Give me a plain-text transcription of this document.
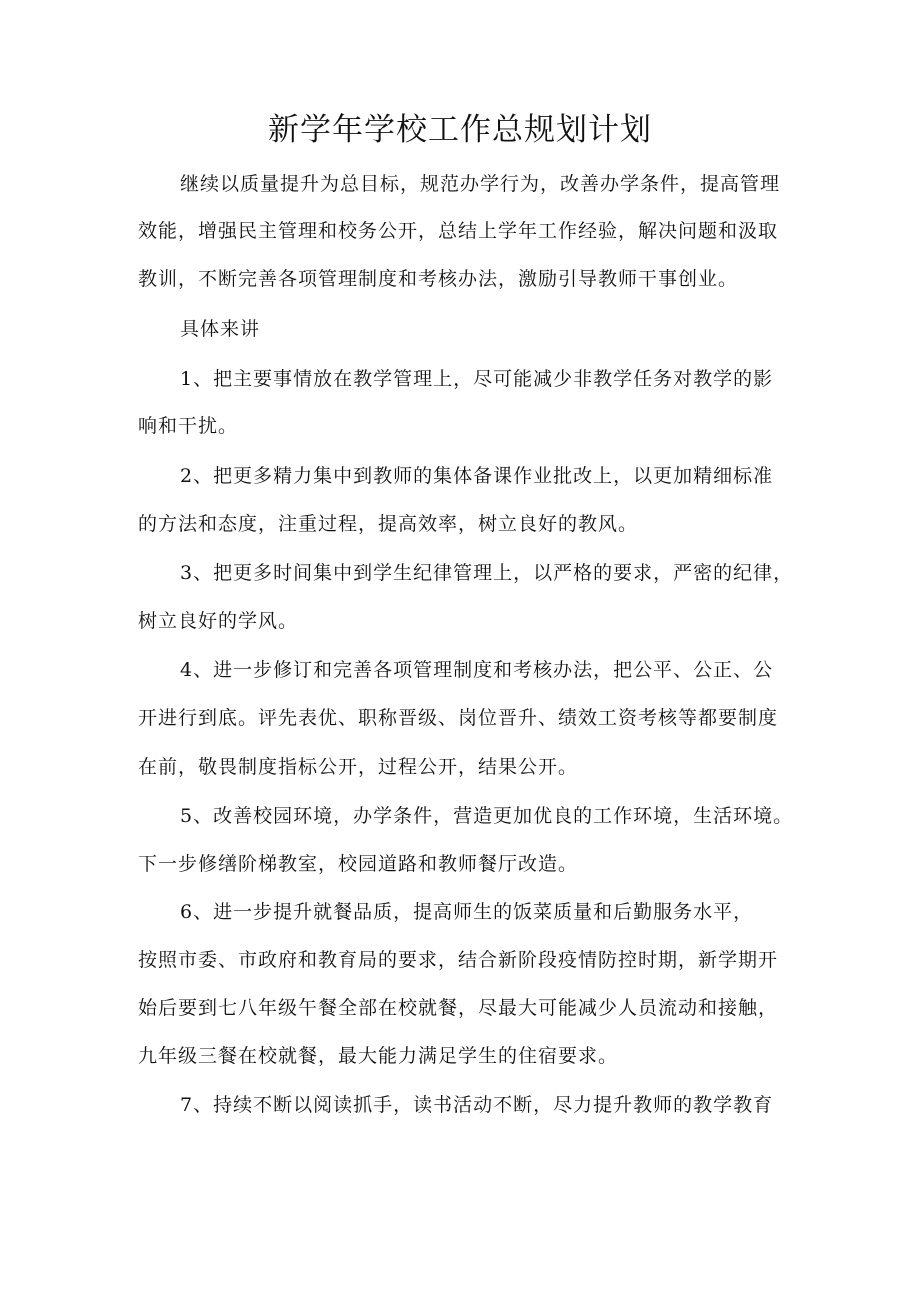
新学年学校工作总规划计划
继续以质量提升为总目标，规范办学行为，改善办学条件，提高管理
效能，增强民主管理和校务公开，总结上学年工作经验，解决问题和汲取
教训，不断完善各项管理制度和考核办法，激励引导教师干事创业。
具体来讲
1、把主要事情放在教学管理上，尽可能减少非教学任务对教学的影
响和干扰。
2、把更多精力集中到教师的集体备课作业批改上，以更加精细标准
的方法和态度，注重过程，提高效率，树立良好的教风。
3、把更多时间集中到学生纪律管理上，以严格的要求，严密的纪律，
树立良好的学风。
4、进一步修订和完善各项管理制度和考核办法，把公平、公正、公
开进行到底。评先表优、职称晋级、岗位晋升、绩效工资考核等都要制度
在前，敬畏制度指标公开，过程公开，结果公开。
5、改善校园环境，办学条件，营造更加优良的工作环境，生活环境。
下一步修缮阶梯教室，校园道路和教师餐厅改造。
6、进一步提升就餐品质，提高师生的饭菜质量和后勤服务水平，
按照市委、市政府和教育局的要求，结合新阶段疫情防控时期，新学期开
始后要到七八年级午餐全部在校就餐，尽最大可能减少人员流动和接触，
九年级三餐在校就餐，最大能力满足学生的住宿要求。
7、持续不断以阅读抓手，读书活动不断，尽力提升教师的教学教育
